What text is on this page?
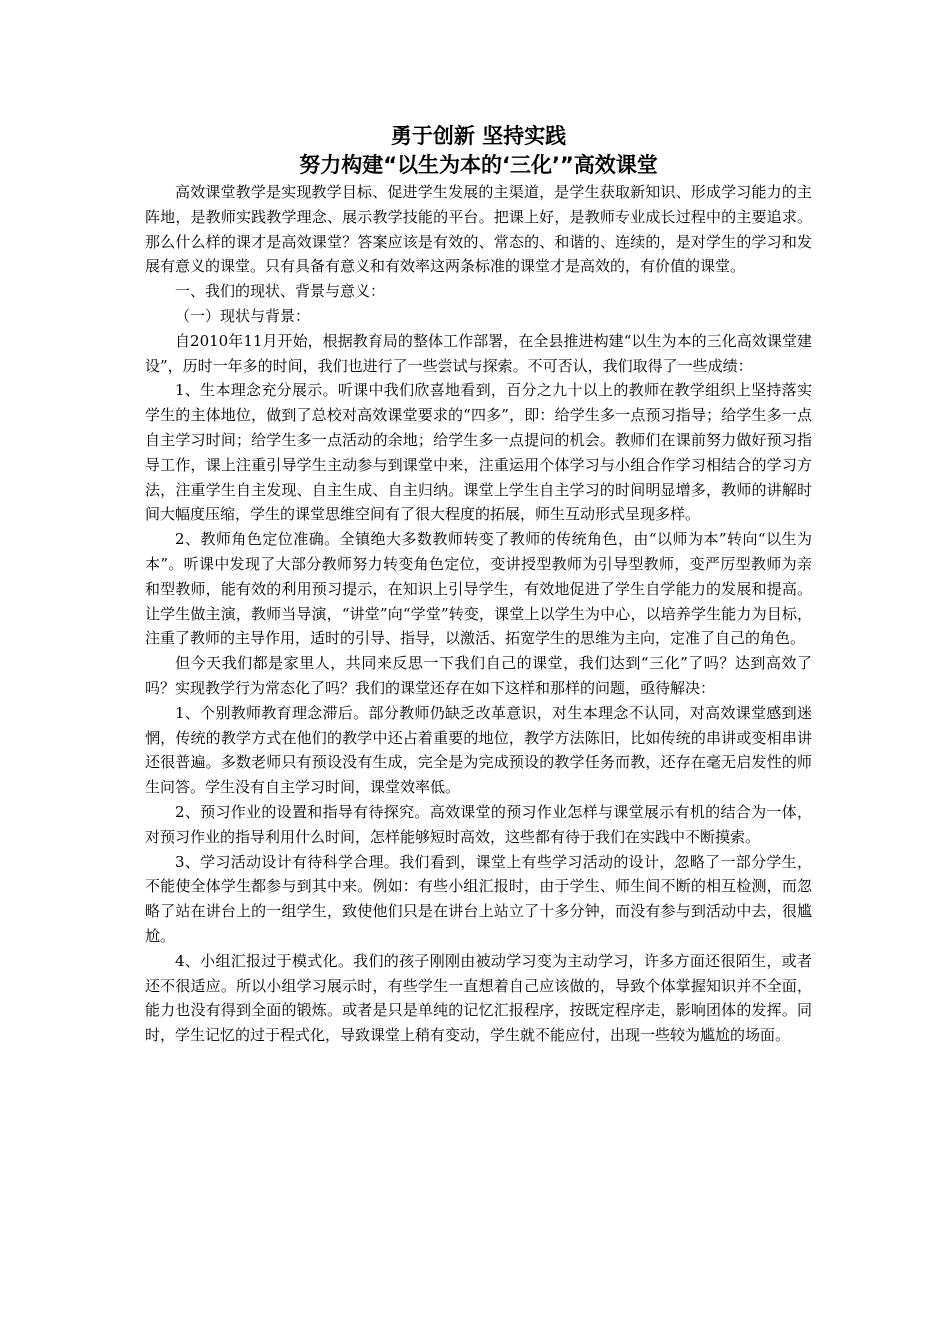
勇于创新 坚持实践
努力构建“以生为本的‘三化’”高效课堂

高效课堂教学是实现教学目标、促进学生发展的主渠道，是学生获取新知识、形成学习能力的主阵地，是教师实践教学理念、展示教学技能的平台。把课上好，是教师专业成长过程中的主要追求。那么什么样的课才是高效课堂？答案应该是有效的、常态的、和谐的、连续的，是对学生的学习和发展有意义的课堂。只有具备有意义和有效率这两条标准的课堂才是高效的，有价值的课堂。

一、我们的现状、背景与意义：

（一）现状与背景：

自2010年11月开始，根据教育局的整体工作部署，在全县推进构建“以生为本的三化高效课堂建设”，历时一年多的时间，我们也进行了一些尝试与探索。不可否认，我们取得了一些成绩：

1、生本理念充分展示。听课中我们欣喜地看到，百分之九十以上的教师在教学组织上坚持落实学生的主体地位，做到了总校对高效课堂要求的“四多”，即：给学生多一点预习指导；给学生多一点自主学习时间；给学生多一点活动的余地；给学生多一点提问的机会。教师们在课前努力做好预习指导工作，课上注重引导学生主动参与到课堂中来，注重运用个体学习与小组合作学习相结合的学习方法，注重学生自主发现、自主生成、自主归纳。课堂上学生自主学习的时间明显增多，教师的讲解时间大幅度压缩，学生的课堂思维空间有了很大程度的拓展，师生互动形式呈现多样。

2、教师角色定位准确。全镇绝大多数教师转变了教师的传统角色，由“以师为本”转向“以生为本”。听课中发现了大部分教师努力转变角色定位，变讲授型教师为引导型教师，变严厉型教师为亲和型教师，能有效的利用预习提示，在知识上引导学生，有效地促进了学生自学能力的发展和提高。让学生做主演，教师当导演，“讲堂”向“学堂”转变，课堂上以学生为中心，以培养学生能力为目标，注重了教师的主导作用，适时的引导、指导，以激活、拓宽学生的思维为主向，定准了自己的角色。

但今天我们都是家里人，共同来反思一下我们自己的课堂，我们达到“三化”了吗？达到高效了吗？实现教学行为常态化了吗？我们的课堂还存在如下这样和那样的问题，亟待解决：

1、个别教师教育理念滞后。部分教师仍缺乏改革意识，对生本理念不认同，对高效课堂感到迷惘，传统的教学方式在他们的教学中还占着重要的地位，教学方法陈旧，比如传统的串讲或变相串讲还很普遍。多数老师只有预设没有生成，完全是为完成预设的教学任务而教，还存在毫无启发性的师生问答。学生没有自主学习时间，课堂效率低。

2、预习作业的设置和指导有待探究。高效课堂的预习作业怎样与课堂展示有机的结合为一体，对预习作业的指导利用什么时间，怎样能够短时高效，这些都有待于我们在实践中不断摸索。

3、学习活动设计有待科学合理。我们看到，课堂上有些学习活动的设计，忽略了一部分学生，不能使全体学生都参与到其中来。例如：有些小组汇报时，由于学生、师生间不断的相互检测，而忽略了站在讲台上的一组学生，致使他们只是在讲台上站立了十多分钟，而没有参与到活动中去，很尴尬。

4、小组汇报过于模式化。我们的孩子刚刚由被动学习变为主动学习，许多方面还很陌生，或者还不很适应。所以小组学习展示时，有些学生一直想着自己应该做的，导致个体掌握知识并不全面，能力也没有得到全面的锻炼。或者是只是单纯的记忆汇报程序，按既定程序走，影响团体的发挥。同时，学生记忆的过于程式化，导致课堂上稍有变动，学生就不能应付，出现一些较为尴尬的场面。
